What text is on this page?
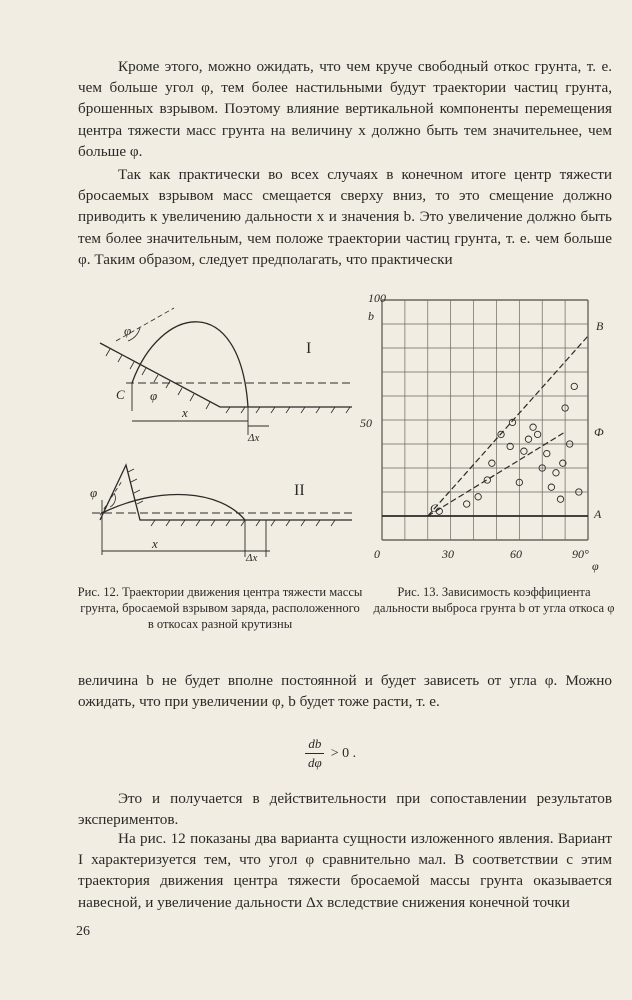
Кроме этого, можно ожидать, что чем круче свободный откос грунта, т. е. чем больше угол φ, тем более настильными будут траектории частиц грунта, брошенных взрывом. Поэтому влияние вертикальной компоненты перемещения центра тяжести масс грунта на величину x должно быть тем значительнее, чем больше φ.

Так как практически во всех случаях в конечном итоге центр тяжести бросаемых взрывом масс смещается сверху вниз, то это смещение должно приводить к увеличению дальности x и значения b. Это увеличение должно быть тем более значительным, чем положе траектории частиц грунта, т. е. чем больше φ. Таким образом, следует предполагать, что практически

I
φ
φ
C
x
Δx
II
φ
x
Δx
100
b
50
0	30	60	90°
φ
B
Ф
A
C

Рис. 12. Траектории движения центра тяжести массы грунта, бросаемой взрывом заряда, расположенного в откосах разной крутизны

Рис. 13. Зависимость коэффициента дальности выброса грунта b от угла откоса φ

величина b не будет вполне постоянной и будет зависеть от угла φ. Можно ожидать, что при увеличении φ, b будет тоже расти, т. е.

$\frac{db}{d\varphi} > 0$ .

Это и получается в действительности при сопоставлении результатов экспериментов.

На рис. 12 показаны два варианта сущности изложенного явления. Вариант I характеризуется тем, что угол φ сравнительно мал. В соответствии с этим траектория движения центра тяжести бросаемой массы грунта оказывается навесной, и увеличение дальности Δx вследствие снижения конечной точки

26
